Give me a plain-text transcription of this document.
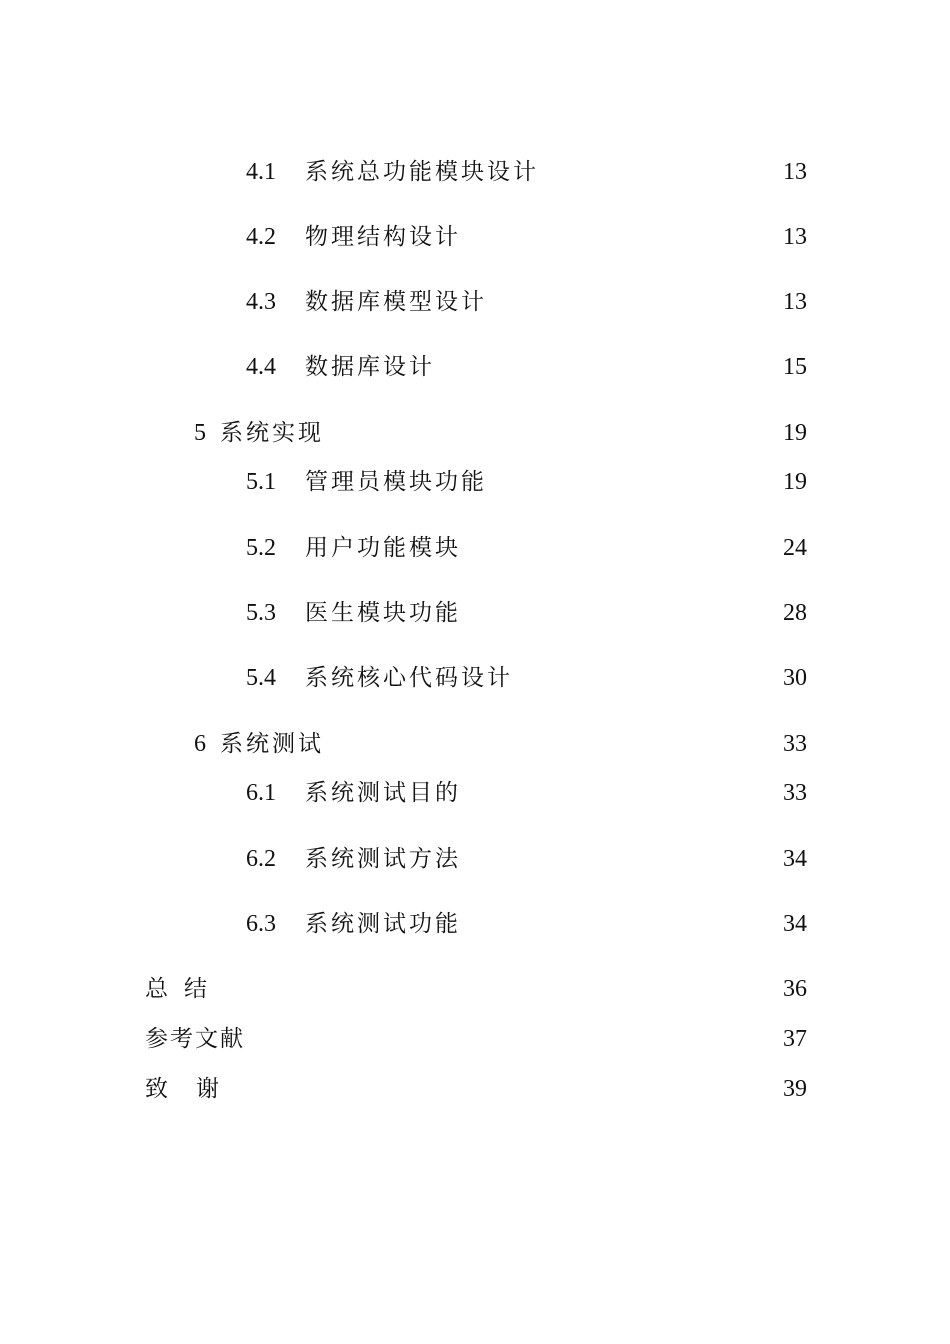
4.1 系统总功能模块设计	13
4.2 物理结构设计	13
4.3 数据库模型设计	13
4.4 数据库设计	15
5 系统实现	19
5.1 管理员模块功能	19
5.2 用户功能模块	24
5.3 医生模块功能	28
5.4 系统核心代码设计	30
6 系统测试	33
6.1 系统测试目的	33
6.2 系统测试方法	34
6.3 系统测试功能	34
总结	36
参考文献	37
致谢	39
